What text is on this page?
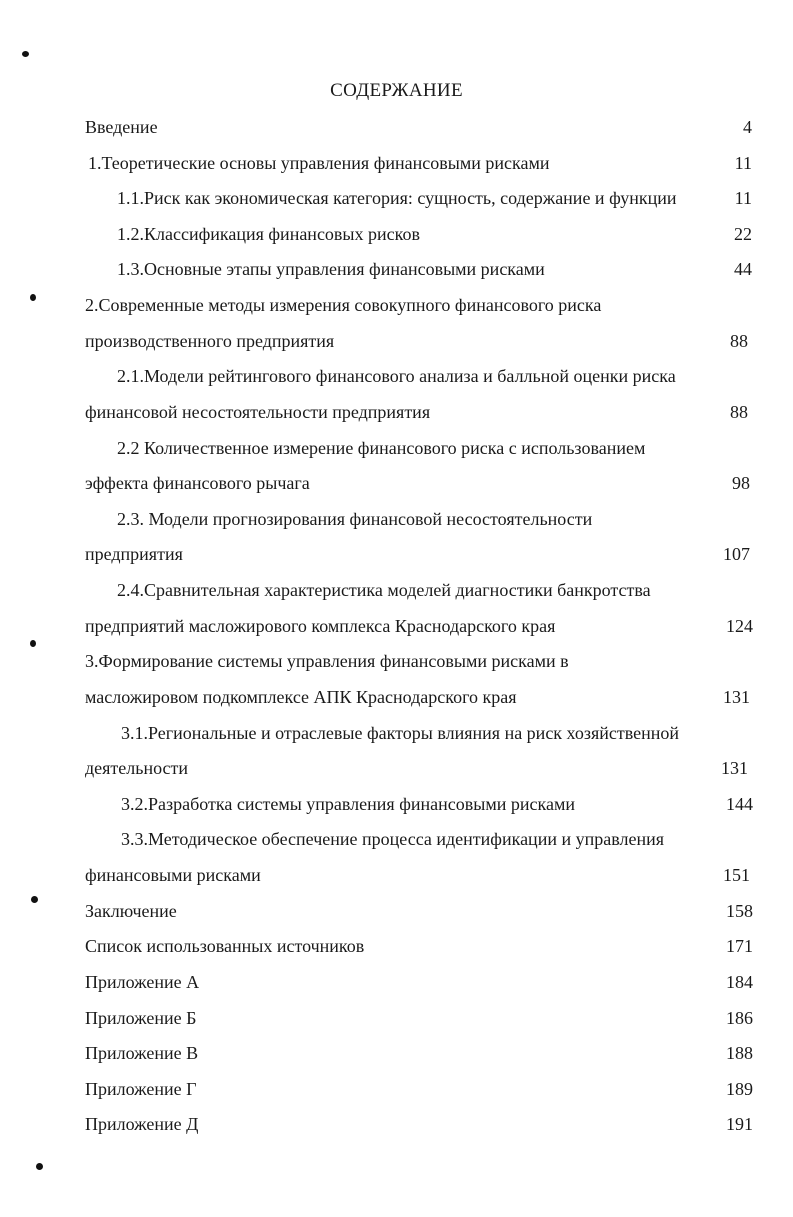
СОДЕРЖАНИЕ
Введение	4
1.Теоретические основы управления финансовыми рисками	11
1.1.Риск как экономическая категория: сущность, содержание и функции	11
1.2.Классификация финансовых рисков	22
1.3.Основные этапы управления финансовыми рисками	44
2.Современные методы измерения совокупного финансового риска
производственного предприятия	88
2.1.Модели рейтингового финансового анализа и балльной оценки риска
финансовой несостоятельности предприятия	88
2.2 Количественное измерение финансового риска с использованием
эффекта финансового рычага	98
2.3. Модели прогнозирования финансовой несостоятельности
предприятия	107
2.4.Сравнительная характеристика моделей диагностики банкротства
предприятий масложирового комплекса Краснодарского края	124
3.Формирование системы управления финансовыми рисками в
масложировом подкомплексе АПК Краснодарского края	131
3.1.Региональные и отраслевые факторы влияния на риск хозяйственной
деятельности	131
3.2.Разработка системы управления финансовыми рисками	144
3.3.Методическое обеспечение процесса идентификации и управления
финансовыми рисками	151
Заключение	158
Список использованных источников	171
Приложение А	184
Приложение Б	186
Приложение В	188
Приложение Г	189
Приложение Д	191
